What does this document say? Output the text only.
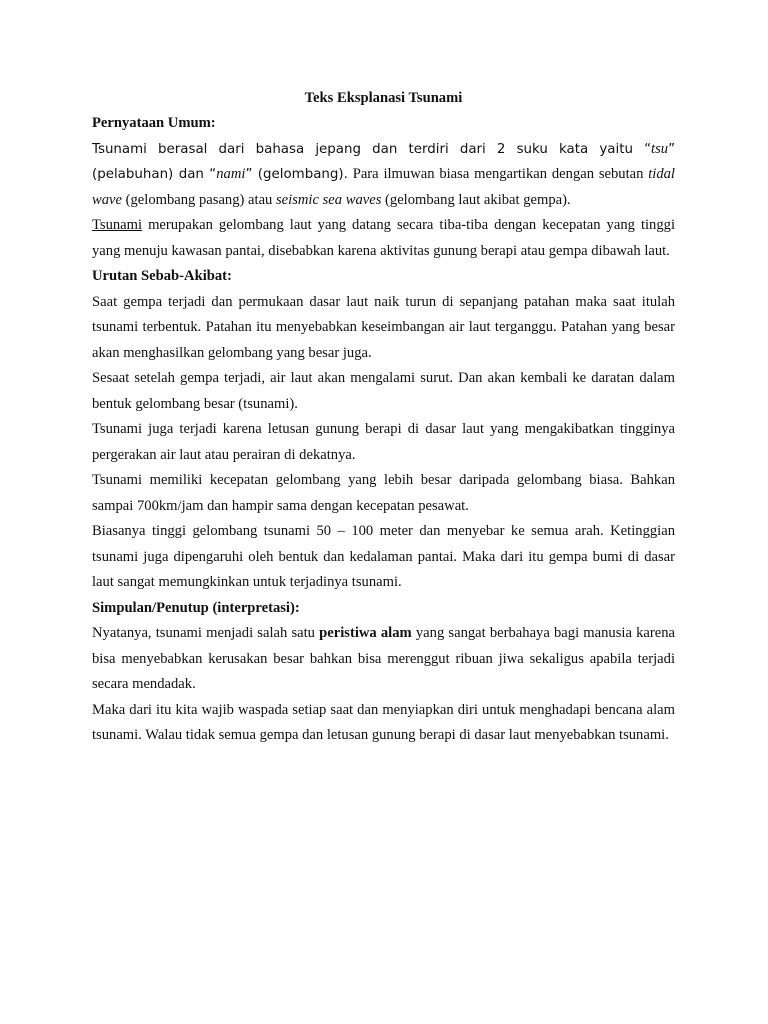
Teks Eksplanasi Tsunami

Pernyataan Umum:

Tsunami berasal dari bahasa jepang dan terdiri dari 2 suku kata yaitu “tsu” (pelabuhan) dan “nami” (gelombang). Para ilmuwan biasa mengartikan dengan sebutan tidal wave (gelombang pasang) atau seismic sea waves (gelombang laut akibat gempa).

Tsunami merupakan gelombang laut yang datang secara tiba-tiba dengan kecepatan yang tinggi yang menuju kawasan pantai, disebabkan karena aktivitas gunung berapi atau gempa dibawah laut.

Urutan Sebab-Akibat:

Saat gempa terjadi dan permukaan dasar laut naik turun di sepanjang patahan maka saat itulah tsunami terbentuk. Patahan itu menyebabkan keseimbangan air laut terganggu. Patahan yang besar akan menghasilkan gelombang yang besar juga.

Sesaat setelah gempa terjadi, air laut akan mengalami surut. Dan akan kembali ke daratan dalam bentuk gelombang besar (tsunami).

Tsunami juga terjadi karena letusan gunung berapi di dasar laut yang mengakibatkan tingginya pergerakan air laut atau perairan di dekatnya.

Tsunami memiliki kecepatan gelombang yang lebih besar daripada gelombang biasa. Bahkan sampai 700km/jam dan hampir sama dengan kecepatan pesawat.

Biasanya tinggi gelombang tsunami 50 – 100 meter dan menyebar ke semua arah. Ketinggian tsunami juga dipengaruhi oleh bentuk dan kedalaman pantai. Maka dari itu gempa bumi di dasar laut sangat memungkinkan untuk terjadinya tsunami.

Simpulan/Penutup (interpretasi):

Nyatanya, tsunami menjadi salah satu peristiwa alam yang sangat berbahaya bagi manusia karena bisa menyebabkan kerusakan besar bahkan bisa merenggut ribuan jiwa sekaligus apabila terjadi secara mendadak.

Maka dari itu kita wajib waspada setiap saat dan menyiapkan diri untuk menghadapi bencana alam tsunami. Walau tidak semua gempa dan letusan gunung berapi di dasar laut menyebabkan tsunami.
